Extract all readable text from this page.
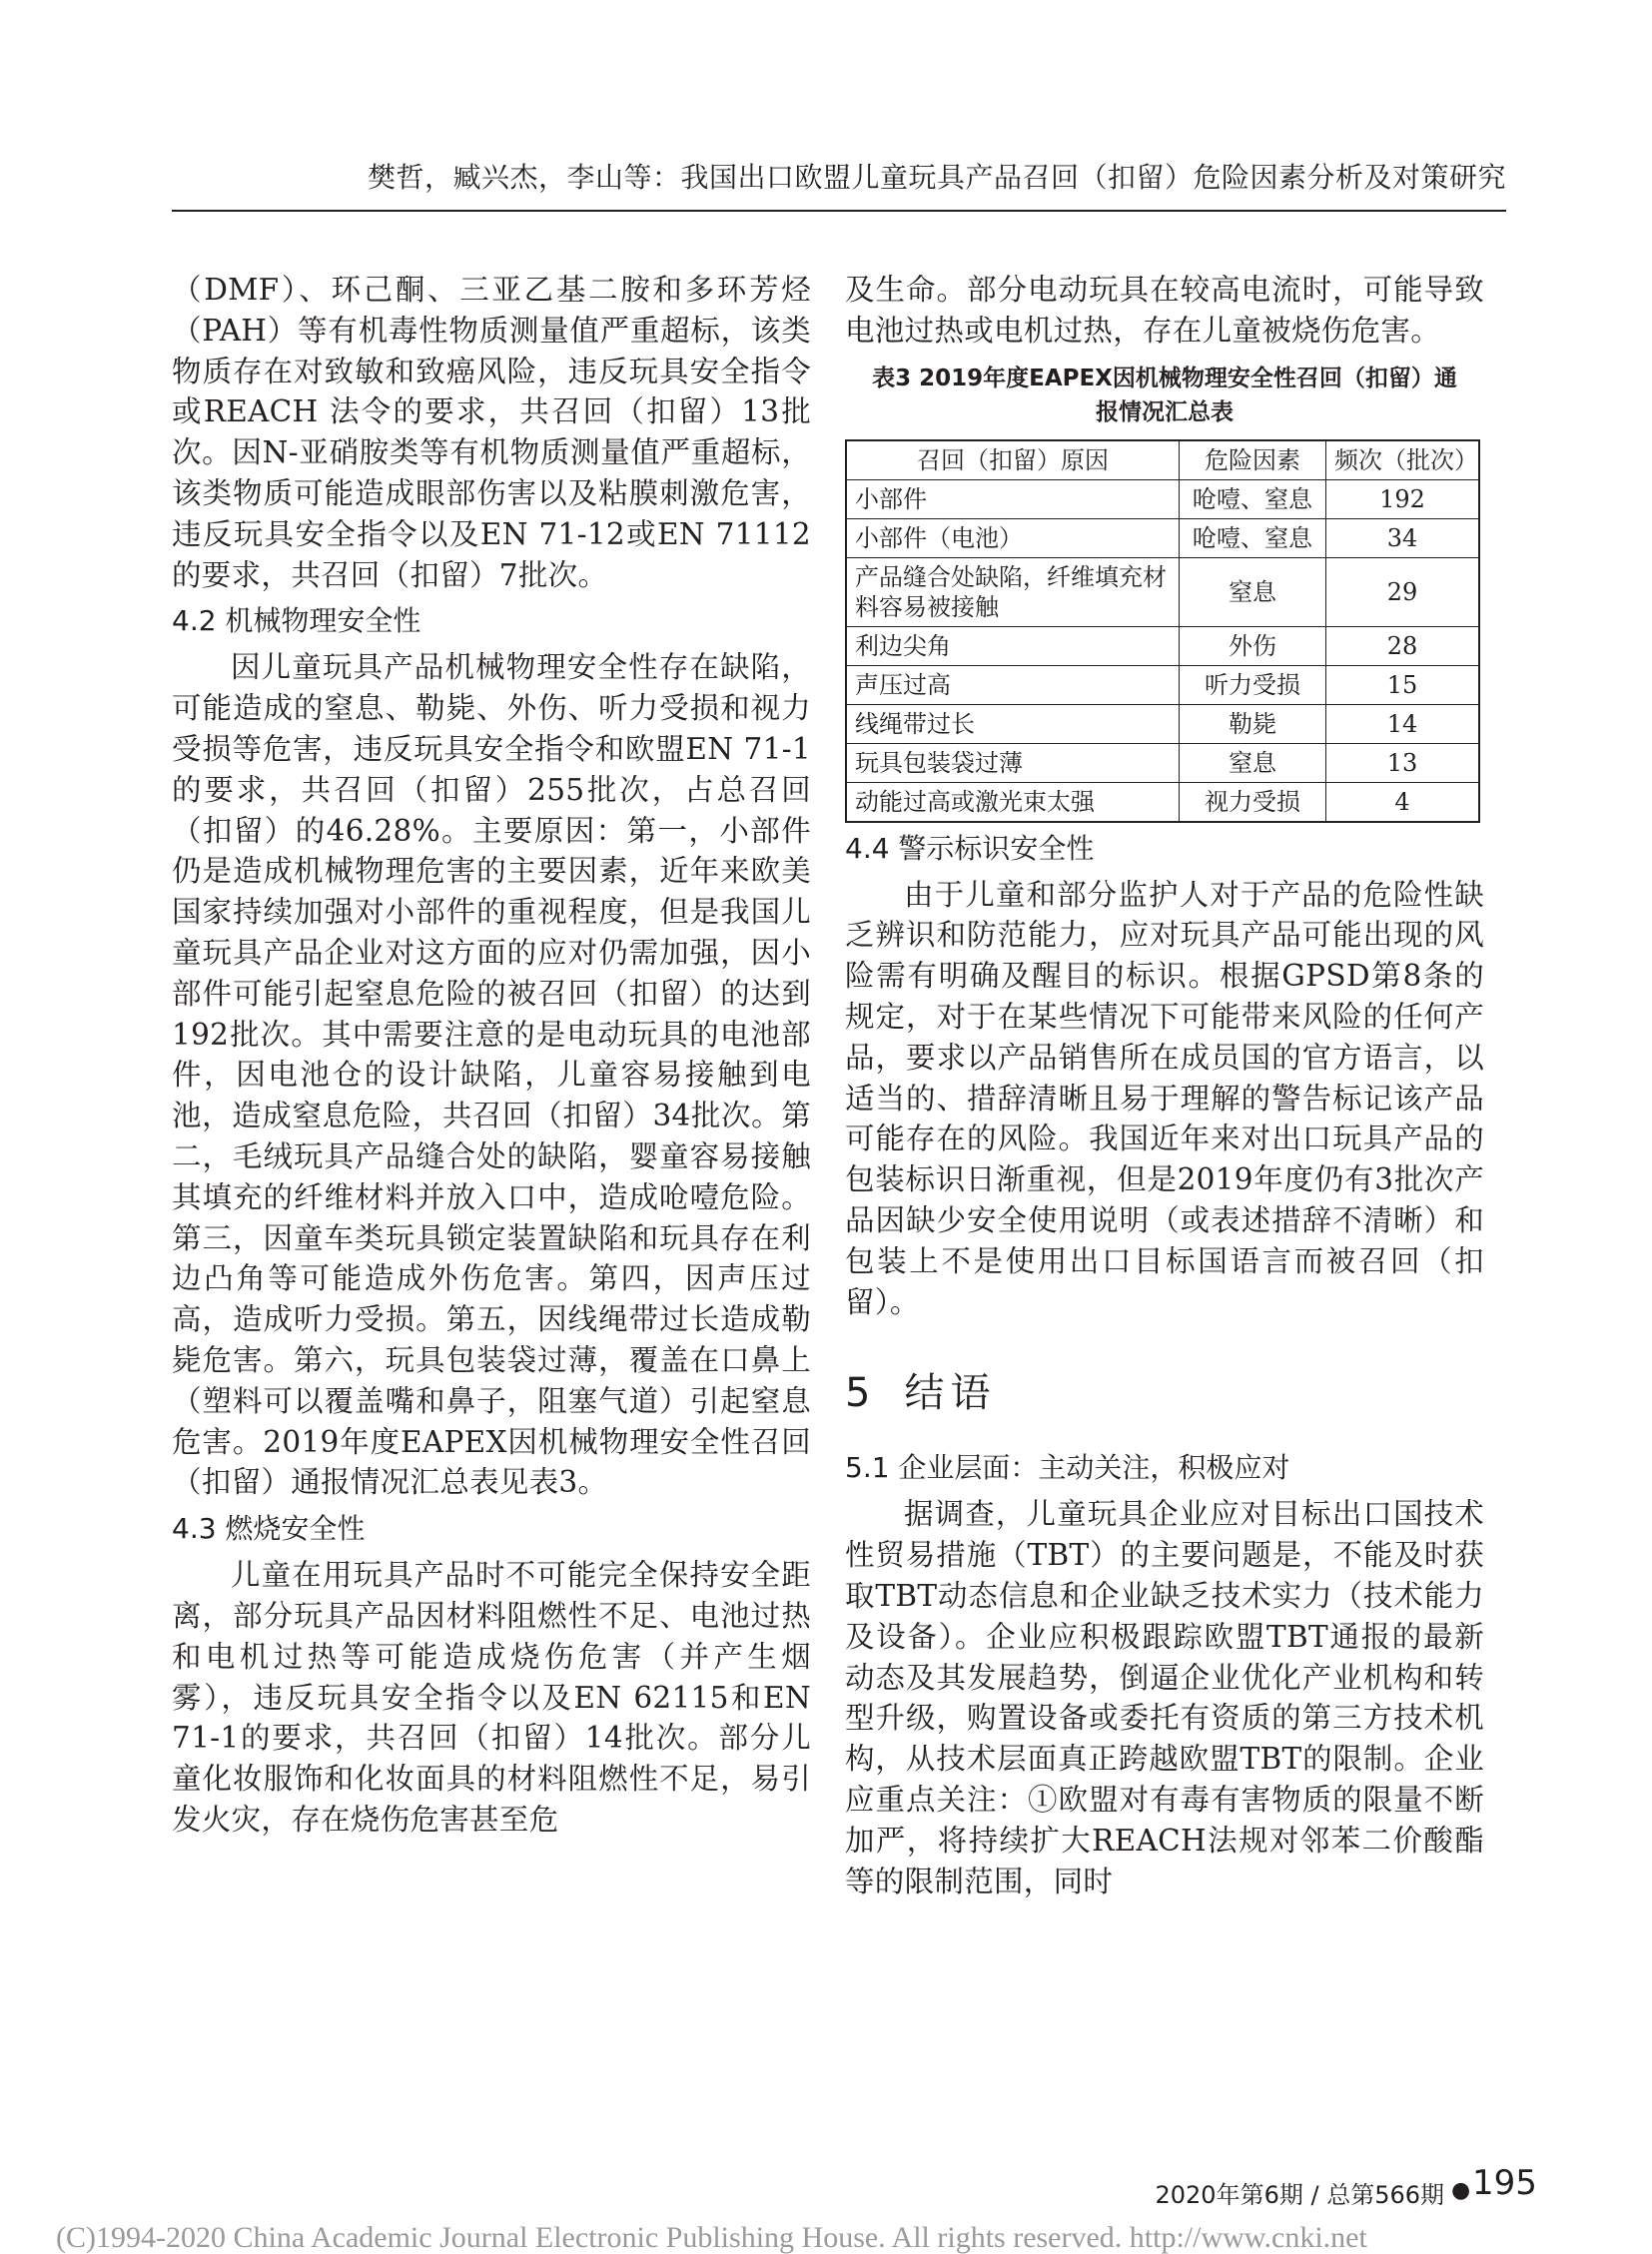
樊哲，臧兴杰，李山等：我国出口欧盟儿童玩具产品召回（扣留）危险因素分析及对策研究

（DMF）、环己酮、三亚乙基二胺和多环芳烃（PAH）等有机毒性物质测量值严重超标，该类物质存在对致敏和致癌风险，违反玩具安全指令或REACH 法令的要求，共召回（扣留）13批次。因N-亚硝胺类等有机物质测量值严重超标，该类物质可能造成眼部伤害以及粘膜刺激危害，违反玩具安全指令以及EN 71-12或EN 71112的要求，共召回（扣留）7批次。

4.2 机械物理安全性

因儿童玩具产品机械物理安全性存在缺陷，可能造成的窒息、勒毙、外伤、听力受损和视力受损等危害，违反玩具安全指令和欧盟EN 71-1的要求，共召回（扣留）255批次，占总召回（扣留）的46.28%。主要原因：第一，小部件仍是造成机械物理危害的主要因素，近年来欧美国家持续加强对小部件的重视程度，但是我国儿童玩具产品企业对这方面的应对仍需加强，因小部件可能引起窒息危险的被召回（扣留）的达到192批次。其中需要注意的是电动玩具的电池部件，因电池仓的设计缺陷，儿童容易接触到电池，造成窒息危险，共召回（扣留）34批次。第二，毛绒玩具产品缝合处的缺陷，婴童容易接触其填充的纤维材料并放入口中，造成呛噎危险。第三，因童车类玩具锁定装置缺陷和玩具存在利边凸角等可能造成外伤危害。第四，因声压过高，造成听力受损。第五，因线绳带过长造成勒毙危害。第六，玩具包装袋过薄，覆盖在口鼻上（塑料可以覆盖嘴和鼻子，阻塞气道）引起窒息危害。2019年度EAPEX因机械物理安全性召回（扣留）通报情况汇总表见表3。

4.3 燃烧安全性

儿童在用玩具产品时不可能完全保持安全距离，部分玩具产品因材料阻燃性不足、电池过热和电机过热等可能造成烧伤危害（并产生烟雾），违反玩具安全指令以及EN 62115和EN 71-1的要求，共召回（扣留）14批次。部分儿童化妆服饰和化妆面具的材料阻燃性不足，易引发火灾，存在烧伤危害甚至危

及生命。部分电动玩具在较高电流时，可能导致电池过热或电机过热，存在儿童被烧伤危害。

表3 2019年度EAPEX因机械物理安全性召回（扣留）通
报情况汇总表
召回（扣留）原因	危险因素	频次（批次）
小部件	呛噎、窒息	192
小部件（电池）	呛噎、窒息	34
产品缝合处缺陷，纤维填充材料容易被接触	窒息	29
利边尖角	外伤	28
声压过高	听力受损	15
线绳带过长	勒毙	14
玩具包装袋过薄	窒息	13
动能过高或激光束太强	视力受损	4
4.4 警示标识安全性

由于儿童和部分监护人对于产品的危险性缺乏辨识和防范能力，应对玩具产品可能出现的风险需有明确及醒目的标识。根据GPSD第8条的规定，对于在某些情况下可能带来风险的任何产品，要求以产品销售所在成员国的官方语言，以适当的、措辞清晰且易于理解的警告标记该产品可能存在的风险。我国近年来对出口玩具产品的包装标识日渐重视，但是2019年度仍有3批次产品因缺少安全使用说明（或表述措辞不清晰）和包装上不是使用出口目标国语言而被召回（扣留）。

5 结语
5.1 企业层面：主动关注，积极应对

据调查，儿童玩具企业应对目标出口国技术性贸易措施（TBT）的主要问题是，不能及时获取TBT动态信息和企业缺乏技术实力（技术能力及设备）。企业应积极跟踪欧盟TBT通报的最新动态及其发展趋势，倒逼企业优化产业机构和转型升级，购置设备或委托有资质的第三方技术机构，从技术层面真正跨越欧盟TBT的限制。企业应重点关注：①欧盟对有毒有害物质的限量不断加严，将持续扩大REACH法规对邻苯二价酸酯等的限制范围，同时

2020年第6期 / 总第566期 ● 195
(C)1994-2020 China Academic Journal Electronic Publishing House. All rights reserved. http://www.cnki.net
